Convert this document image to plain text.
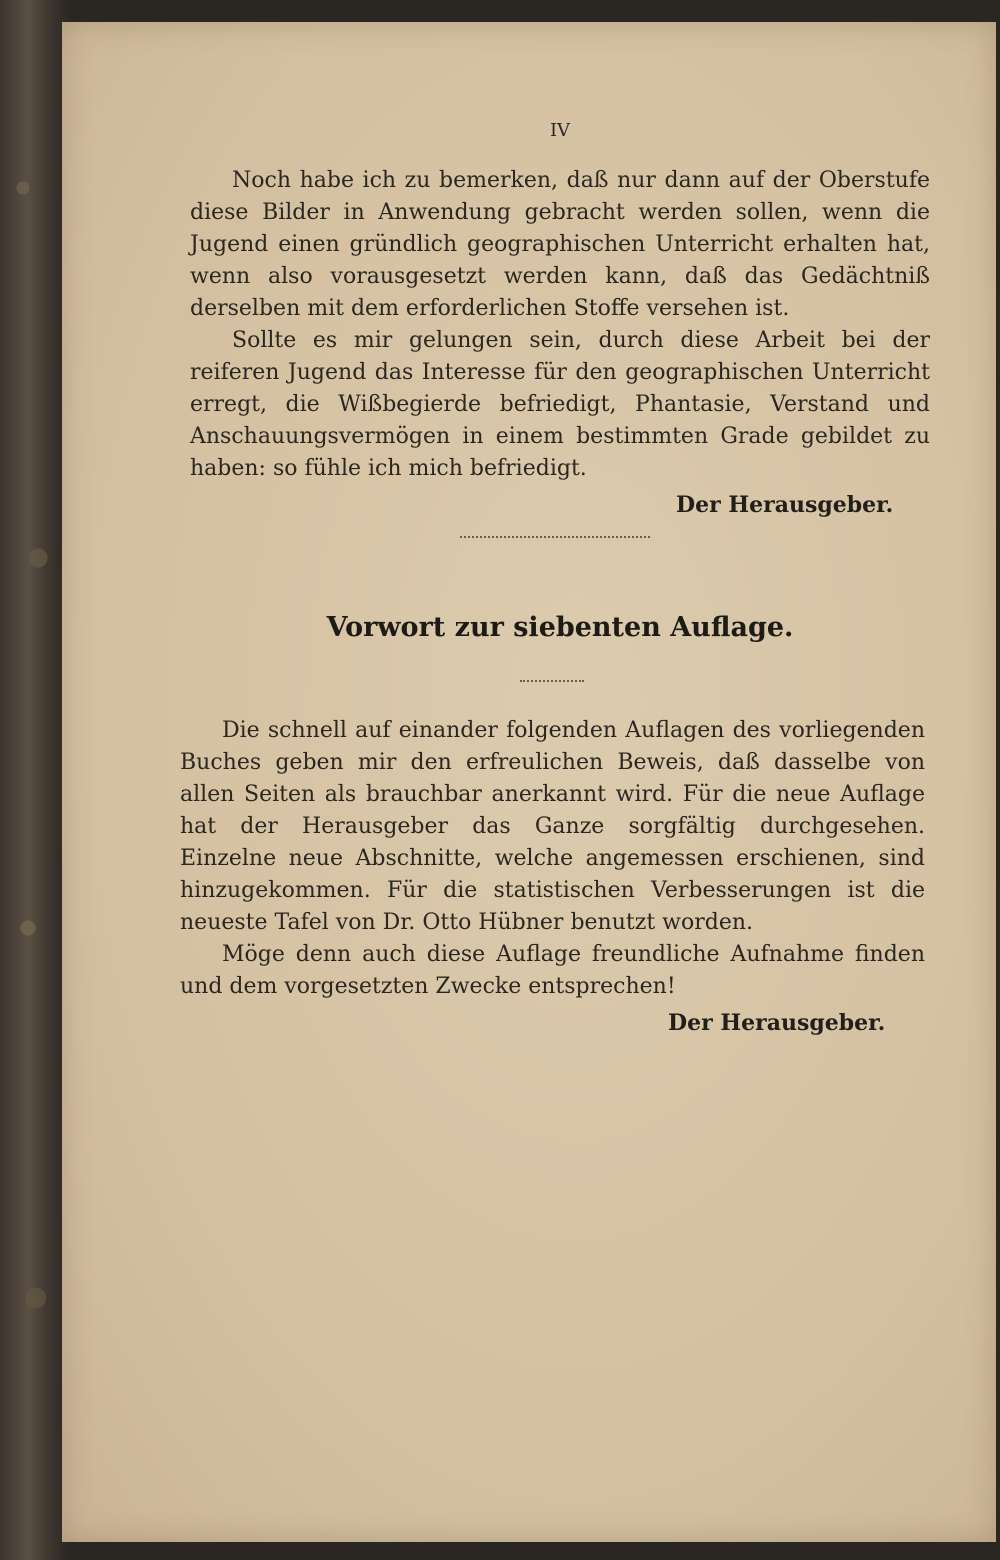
IV

Noch habe ich zu bemerken, daß nur dann auf der Oberstufe diese Bilder in Anwendung gebracht werden sollen, wenn die Jugend einen gründlich geographischen Unterricht erhalten hat, wenn also vorausgesetzt werden kann, daß das Gedächtniß derselben mit dem erforderlichen Stoffe versehen ist.

Sollte es mir gelungen sein, durch diese Arbeit bei der reiferen Jugend das Interesse für den geographischen Unterricht erregt, die Wißbegierde befriedigt, Phantasie, Verstand und Anschauungsvermögen in einem bestimmten Grade gebildet zu haben: so fühle ich mich befriedigt.

Der Herausgeber.
Vorwort zur siebenten Auflage.

Die schnell auf einander folgenden Auflagen des vorliegenden Buches geben mir den erfreulichen Beweis, daß dasselbe von allen Seiten als brauchbar anerkannt wird. Für die neue Auflage hat der Herausgeber das Ganze sorgfältig durchgesehen. Einzelne neue Abschnitte, welche angemessen erschienen, sind hinzugekommen. Für die statistischen Verbesserungen ist die neueste Tafel von Dr. Otto Hübner benutzt worden.

Möge denn auch diese Auflage freundliche Aufnahme finden und dem vorgesetzten Zwecke entsprechen!

Der Herausgeber.
